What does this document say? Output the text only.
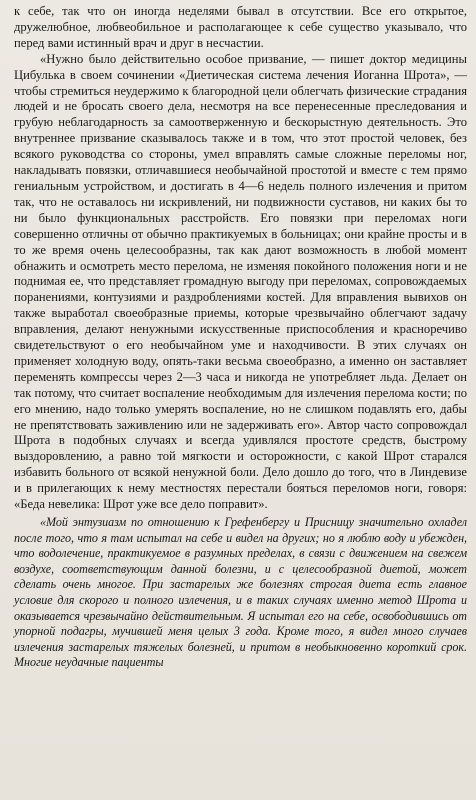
к себе, так что он иногда неделями бывал в отсутствии. Все его открытое, дружелюбное, любвеобильное и располагающее к себе существо указывало, что перед вами истинный врач и друг в несчастии.

«Нужно было действительно особое призвание, — пишет доктор медицины Цибулька в своем сочинении «Диетическая система лечения Иоганна Шрота», — чтобы стремиться неудержимо к благородной цели облегчать физические страдания людей и не бросать своего дела, несмотря на все перенесенные преследования и грубую неблагодарность за самоотверженную и бескорыстную деятельность. Это внутреннее призвание сказывалось также и в том, что этот простой человек, без всякого руководства со стороны, умел вправлять самые сложные переломы ног, накладывать повязки, отличавшиеся необычайной простотой и вместе с тем прямо гениальным устройством, и достигать в 4—6 недель полного излечения и притом так, что не оставалось ни искривлений, ни подвижности суставов, ни каких бы то ни было функциональных расстройств. Его повязки при переломах ноги совершенно отличны от обычно практикуемых в больницах; они крайне просты и в то же время очень целесообразны, так как дают возможность в любой момент обнажить и осмотреть место перелома, не изменяя покойного положения ноги и не поднимая ее, что представляет громадную выгоду при переломах, сопровождаемых поранениями, контузиями и раздроблениями костей. Для вправления вывихов он также выработал своеобразные приемы, которые чрезвычайно облегчают задачу вправления, делают ненужными искусственные приспособления и красноречиво свидетельствуют о его необычайном уме и находчивости. В этих случаях он применяет холодную воду, опять-таки весьма своеобразно, а именно он заставляет переменять компрессы через 2—3 часа и никогда не употребляет льда. Делает он так потому, что считает воспаление необходимым для излечения перелома кости; по его мнению, надо только умерять воспаление, но не слишком подавлять его, дабы не препятствовать заживлению или не задерживать его». Автор часто сопровождал Шрота в подобных случаях и всегда удивлялся простоте средств, быстрому выздоровлению, а равно той мягкости и осторожности, с какой Шрот старался избавить больного от всякой ненужной боли. Дело дошло до того, что в Линдевизе и в прилегающих к нему местностях перестали бояться переломов ноги, говоря: «Беда невелика: Шрот уже все дело поправит».

«Мой энтузиазм по отношению к Грефенбергу и Присницу значительно охладел после того, что я там испытал на себе и видел на других; но я люблю воду и убежден, что водолечение, практикуемое в разумных пределах, в связи с движением на свежем воздухе, соответствующим данной болезни, и с целесообразной диетой, может сделать очень многое. При застарелых же болезнях строгая диета есть главное условие для скорого и полного излечения, и в таких случаях именно метод Шрота и оказывается чрезвычайно действительным. Я испытал его на себе, освободившись от упорной подагры, мучившей меня целых 3 года. Кроме того, я видел много случаев излечения застарелых тяжелых болезней, и притом в необыкновенно короткий срок. Многие неудачные пациенты
